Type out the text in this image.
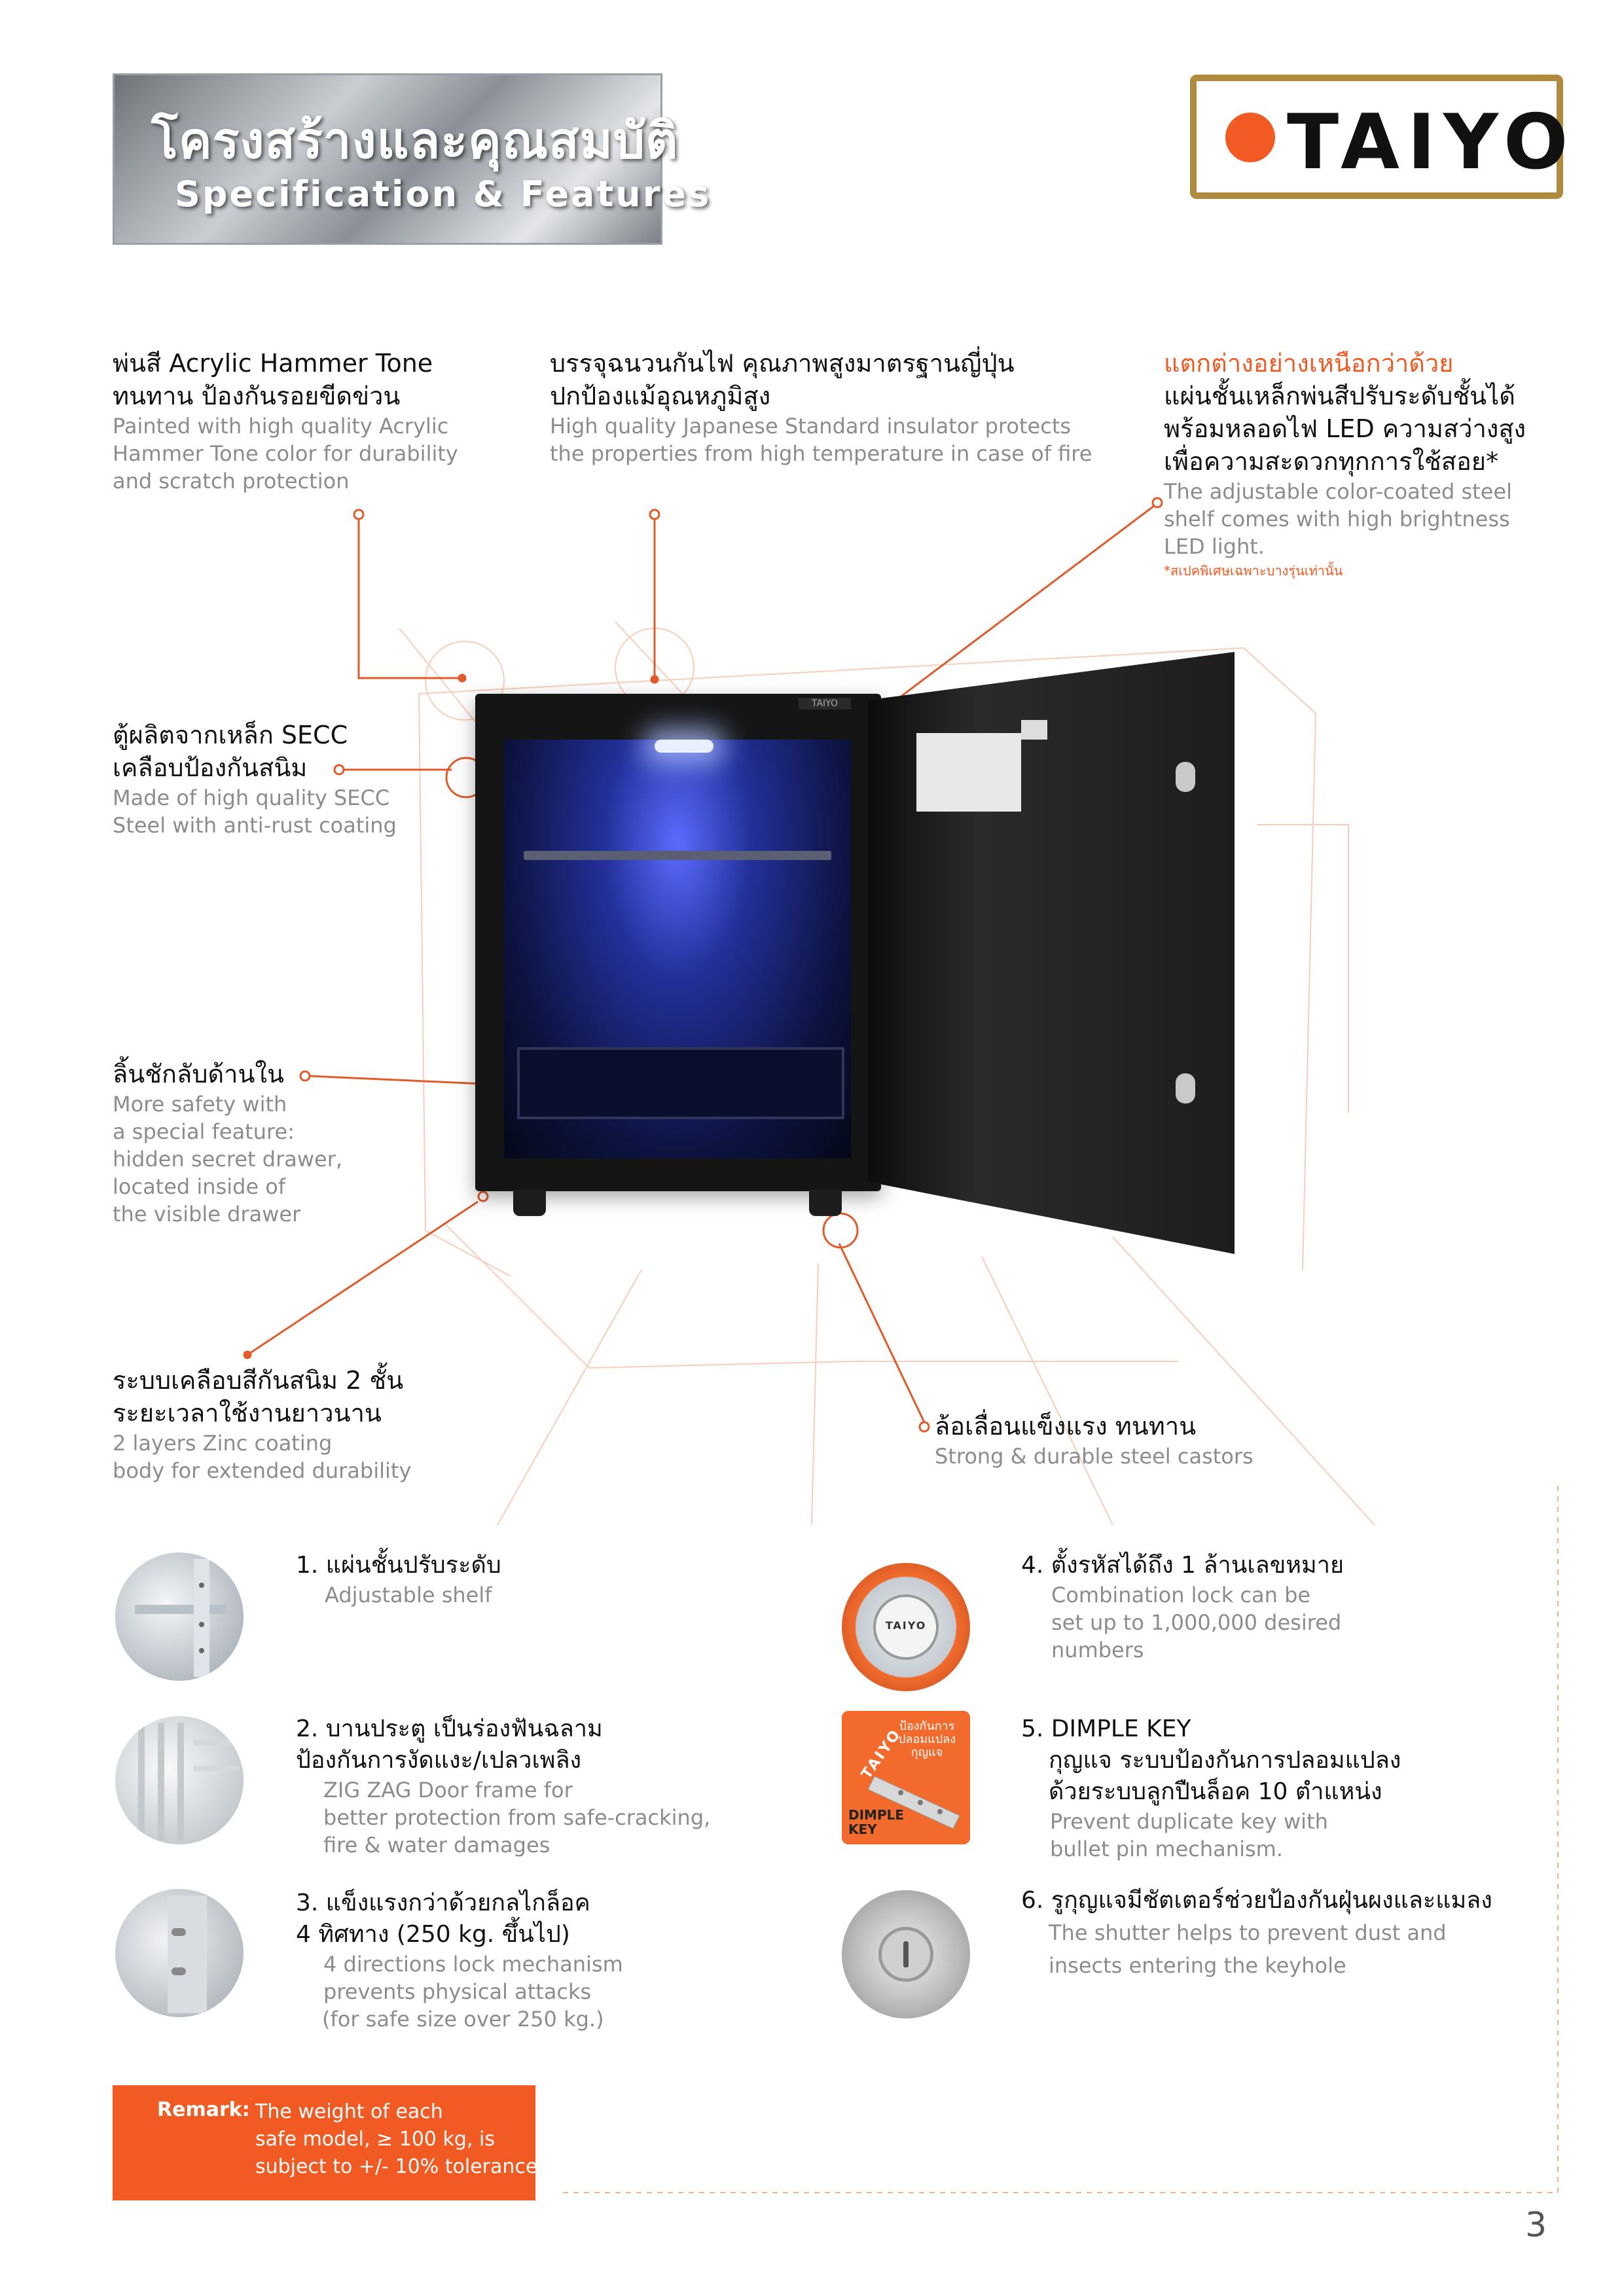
โครงสร้างและคุณสมบัติ
Specification & Features
TAIYO
พ่นสี Acrylic Hammer Tone
ทนทาน ป้องกันรอยขีดข่วน
Painted with high quality Acrylic
Hammer Tone color for durability
and scratch protection
บรรจุฉนวนกันไฟ คุณภาพสูงมาตรฐานญี่ปุ่น
ปกป้องแม้อุณหภูมิสูง
High quality Japanese Standard insulator protects
the properties from high temperature in case of fire
แตกต่างอย่างเหนือกว่าด้วย
แผ่นชั้นเหล็กพ่นสีปรับระดับชั้นได้
พร้อมหลอดไฟ LED ความสว่างสูง
เพื่อความสะดวกทุกการใช้สอย*
The adjustable color-coated steel
shelf comes with high brightness
LED light.
*สเปคพิเศษเฉพาะบางรุ่นเท่านั้น
ตู้ผลิตจากเหล็ก SECC
เคลือบป้องกันสนิม
Made of high quality SECC
Steel with anti-rust coating
ลิ้นชักลับด้านใน
More safety with
a special feature:
hidden secret drawer,
located inside of
the visible drawer
ระบบเคลือบสีกันสนิม 2 ชั้น
ระยะเวลาใช้งานยาวนาน
2 layers Zinc coating
body for extended durability
ล้อเลื่อนแข็งแรง ทนทาน
Strong & durable steel castors
TAIYO
TAIYO
ป้องกันการปลอมแปลงกุญแจ
TAIYO
DIMPLE KEY
1. แผ่นชั้นปรับระดับ
Adjustable shelf
2. บานประตู เป็นร่องฟันฉลาม
ป้องกันการงัดแงะ/เปลวเพลิง
ZIG ZAG Door frame for
better protection from safe-cracking,
fire & water damages
3. แข็งแรงกว่าด้วยกลไกล็อค
4 ทิศทาง (250 kg. ขึ้นไป)
4 directions lock mechanism
prevents physical attacks
(for safe size over 250 kg.)
4. ตั้งรหัสได้ถึง 1 ล้านเลขหมาย
Combination lock can be
set up to 1,000,000 desired
numbers
5. DIMPLE KEY
กุญแจ ระบบป้องกันการปลอมแปลง
ด้วยระบบลูกปืนล็อค 10 ตำแหน่ง
Prevent duplicate key with
bullet pin mechanism.
6. รูกุญแจมีชัตเตอร์ช่วยป้องกันฝุ่นผงและแมลง
The shutter helps to prevent dust and
insects entering the keyhole
Remark: The weight of each
safe model, ≥ 100 kg, is
subject to +/- 10% tolerance
3
